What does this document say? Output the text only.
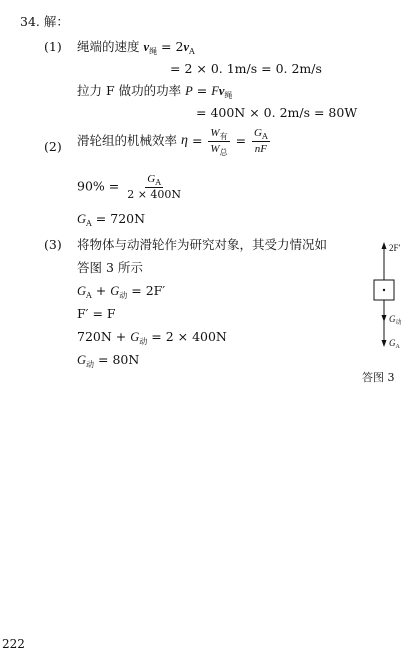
34. 解：
(1) 绳端的速度 $v_绳 = 2v_A$
= 2 × 0. 1m/s = 0. 2m/s
拉力 F 做功的功率 $P = Fv_绳$
= 400N × 0. 2m/s = 80W
(2) 滑轮组的机械效率 $\eta = \frac{W_有}{W_总} = \frac{G_A}{nF}$
$90\% = \frac{G_A}{2 \times 400N}$
$G_A = 720N$
(3) 将物体与动滑轮作为研究对象，其受力情况如
答图 3 所示
$G_A + G_动 = 2F'$
F′ = F
$720N + G_动 = 2 \times 400N$
$G_动 = 80N$
2F′
$G_动$
$G_A$
答图 3
222
